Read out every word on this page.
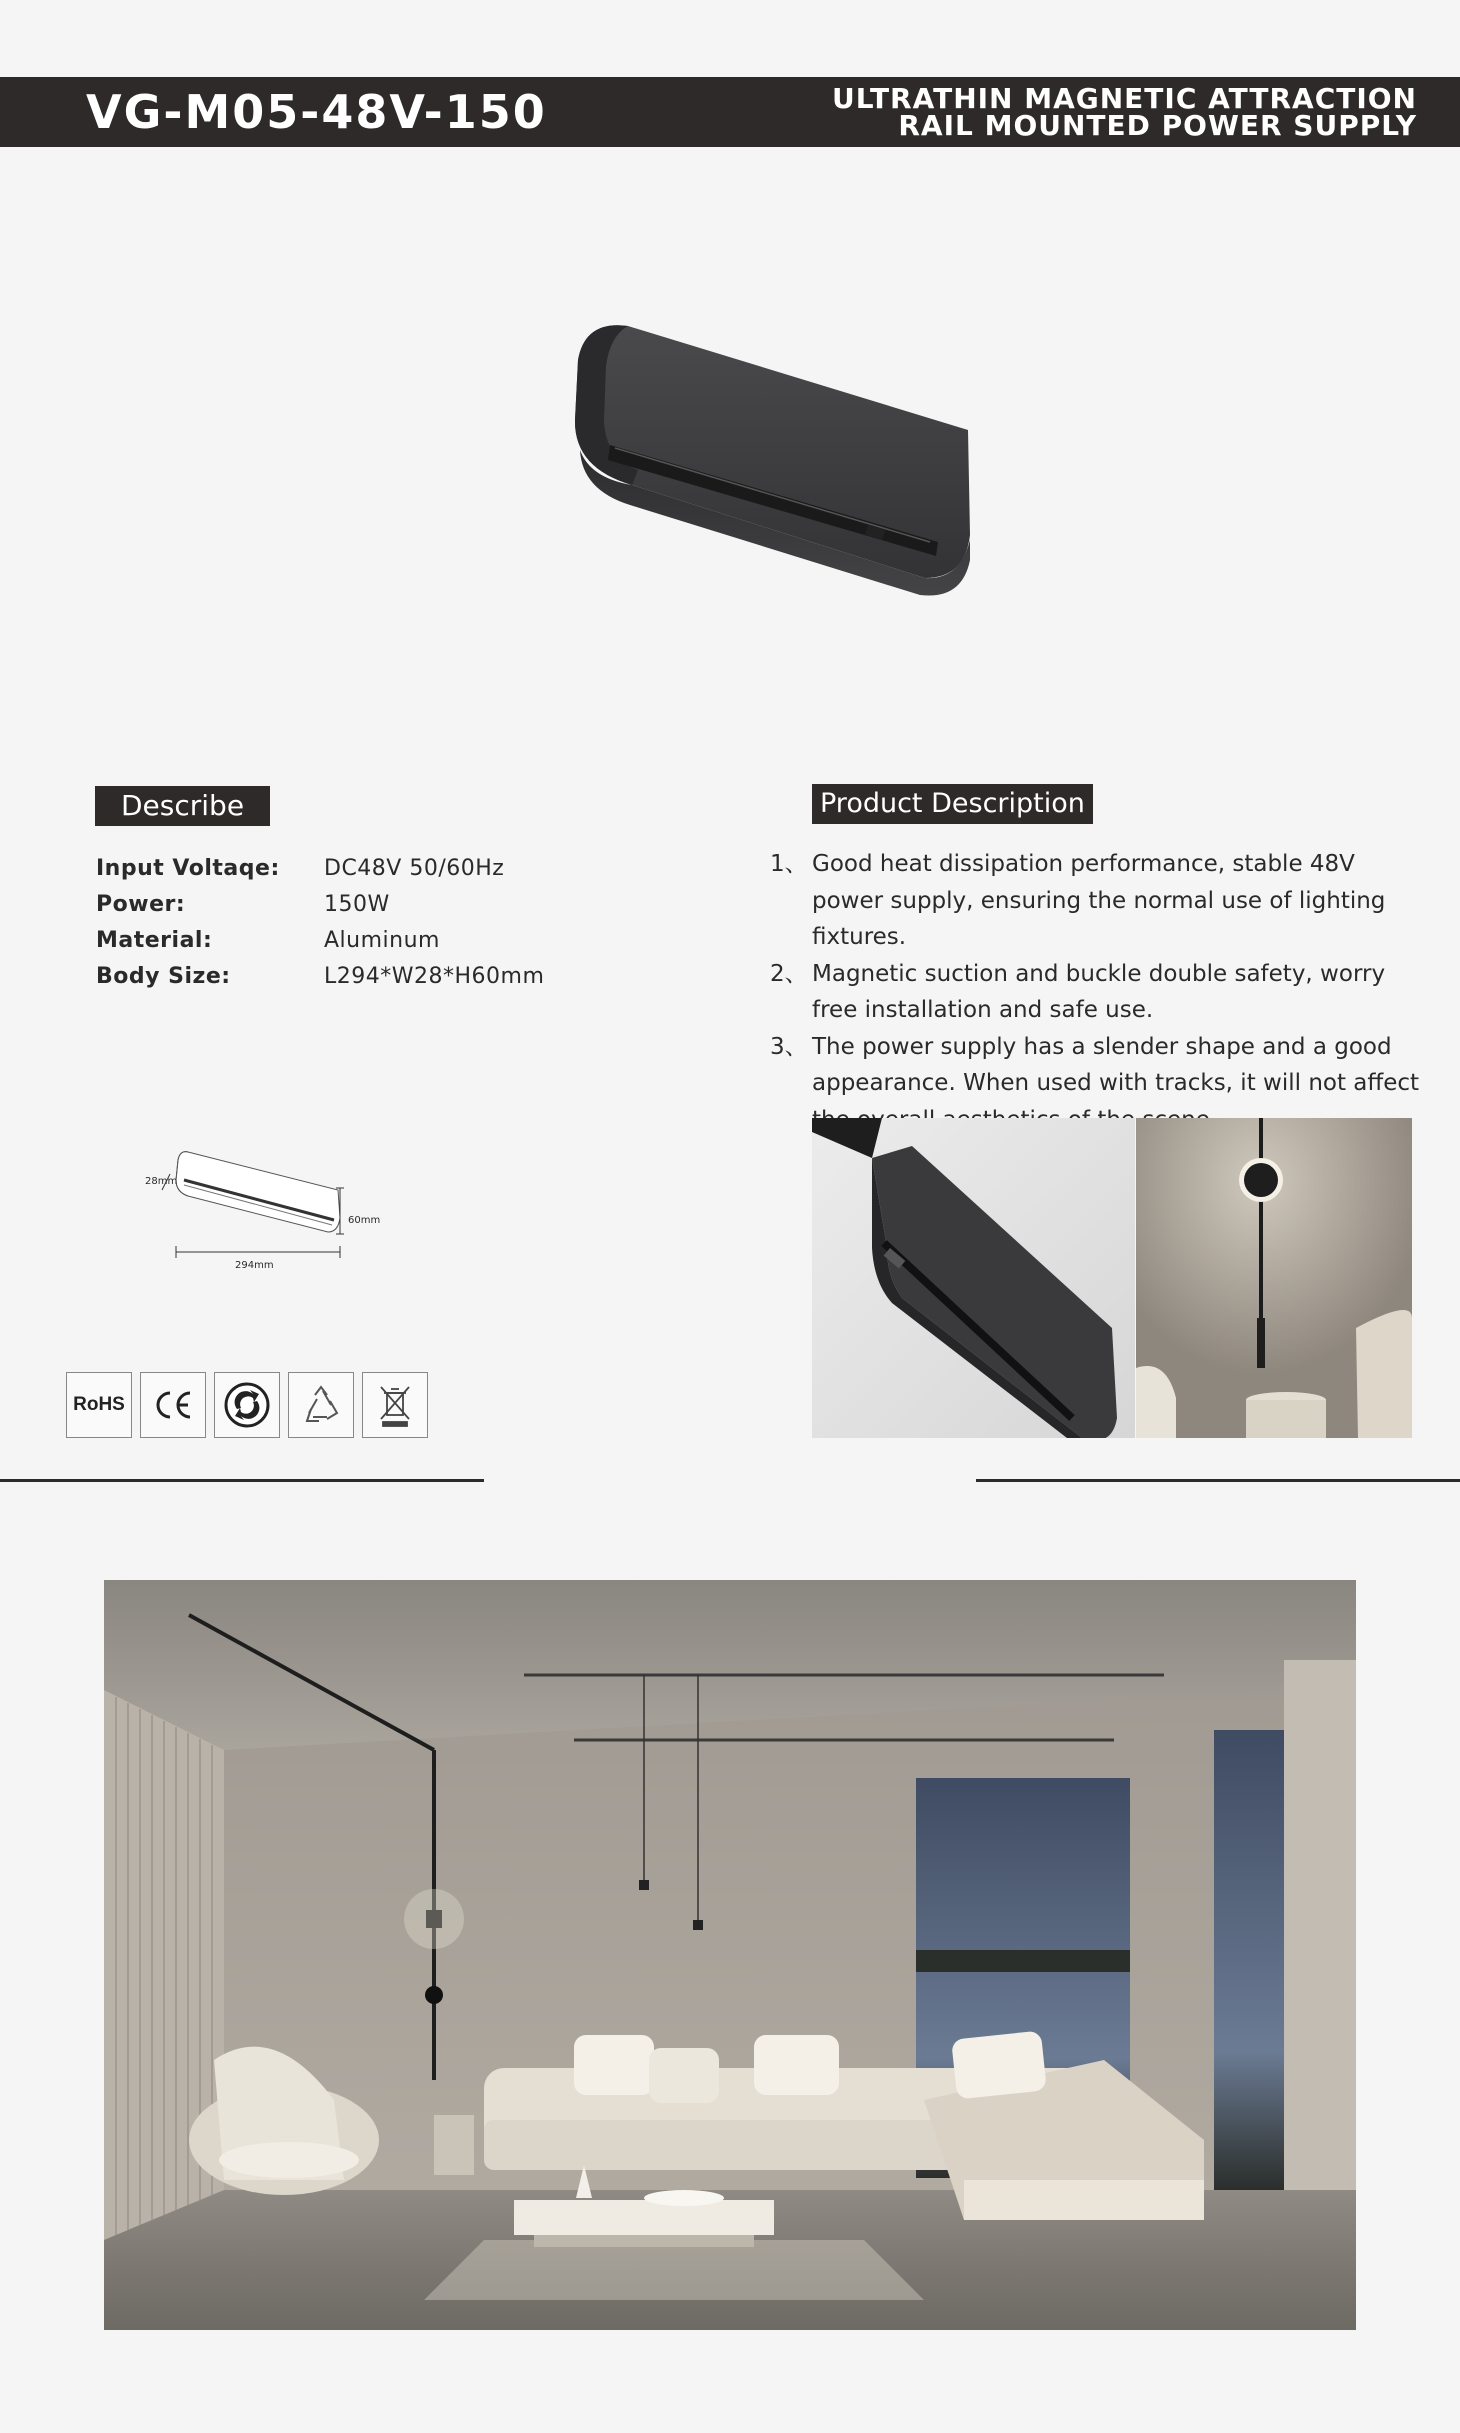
VG-M05-48V-150	ULTRATHIN MAGNETIC ATTRACTION
RAIL MOUNTED POWER SUPPLY
Describe
Input Voltaqe: DC48V 50/60Hz
Power:	150W
Material:	Aluminum
Body Size:	L294*W28*H60mm
28mm
60mm
294mm
RoHS
Product Description
1、 Good heat dissipation performance, stable 48V power supply, ensuring the normal use of lighting fixtures.
2、 Magnetic suction and buckle double safety, worry free installation and safe use.
3、 The power supply has a slender shape and a good appearance. When used with tracks, it will not affect
